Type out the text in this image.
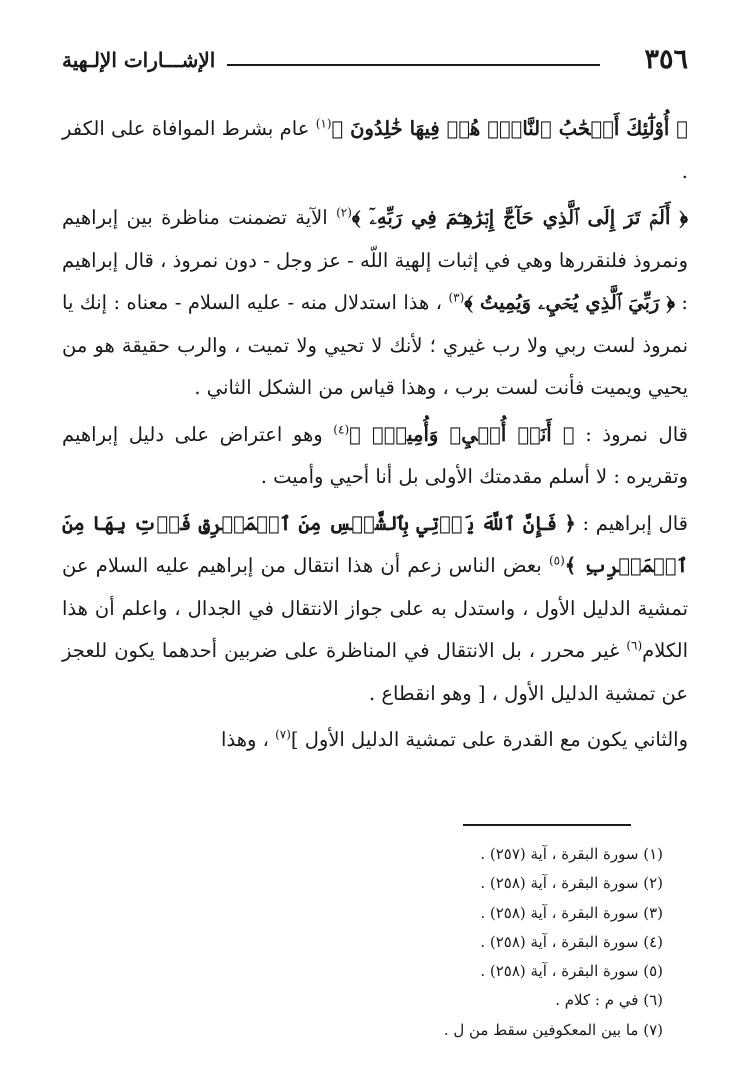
٣٥٦
الإشـــارات الإلـهية

﴿ أُوْلَٰٓئِكَ أَصۡحَٰبُ ٱلنَّارِۖ هُمۡ فِيهَا خَٰلِدُونَ ﴾$^{(١)}$ عام بشرط الموافاة على الكفر .

﴿ أَلَمۡ تَرَ إِلَى ٱلَّذِي حَآجَّ إِبۡرَٰهِـۧمَ فِي رَبِّهِۦٓ ﴾$^{(٢)}$ الآية تضمنت مناظرة بين إبراهيم ونمروذ فلنقررها وهي في إثبات إلهية اللّه - عز وجل - دون نمروذ ، قال إبراهيم : ﴿ رَبِّيَ ٱلَّذِي يُحۡيِۦ وَيُمِيتُ ﴾$^{(٣)}$ ، هذا استدلال منه - عليه السلام - معناه : إنك يا نمروذ لست ربي ولا رب غيري ؛ لأنك لا تحيي ولا تميت ، والرب حقيقة هو من يحيي ويميت فأنت لست برب ، وهذا قياس من الشكل الثاني .

قال نمروذ : ﴿ أَنَا۠ أُحۡيِۦ وَأُمِيتُۖ ﴾$^{(٤)}$ وهو اعتراض على دليل إبراهيم وتقريره : لا أسلم مقدمتك الأولى بل أنا أحيي وأميت .

قال إبراهيم : ﴿ فَإِنَّ ٱللَّهَ يَأۡتِي بِٱلشَّمۡسِ مِنَ ٱلۡمَشۡرِقِ فَأۡتِ بِهَا مِنَ ٱلۡمَغۡرِبِ ﴾$^{(٥)}$ بعض الناس زعم أن هذا انتقال من إبراهيم عليه السلام عن تمشية الدليل الأول ، واستدل به على جواز الانتقال في الجدال ، واعلم أن هذا الكلام$^{(٦)}$ غير محرر ، بل الانتقال في المناظرة على ضربين أحدهما يكون للعجز عن تمشية الدليل الأول ، [ وهو انقطاع .

والثاني يكون مع القدرة على تمشية الدليل الأول ]$^{(٧)}$ ، وهذا

(١) سورة البقرة ، آية (٢٥٧) .
(٢) سورة البقرة ، آية (٢٥٨) .
(٣) سورة البقرة ، آية (٢٥٨) .
(٤) سورة البقرة ، آية (٢٥٨) .
(٥) سورة البقرة ، آية (٢٥٨) .
(٦) في م : كلام .
(٧) ما بين المعكوفين سقط من ل .
